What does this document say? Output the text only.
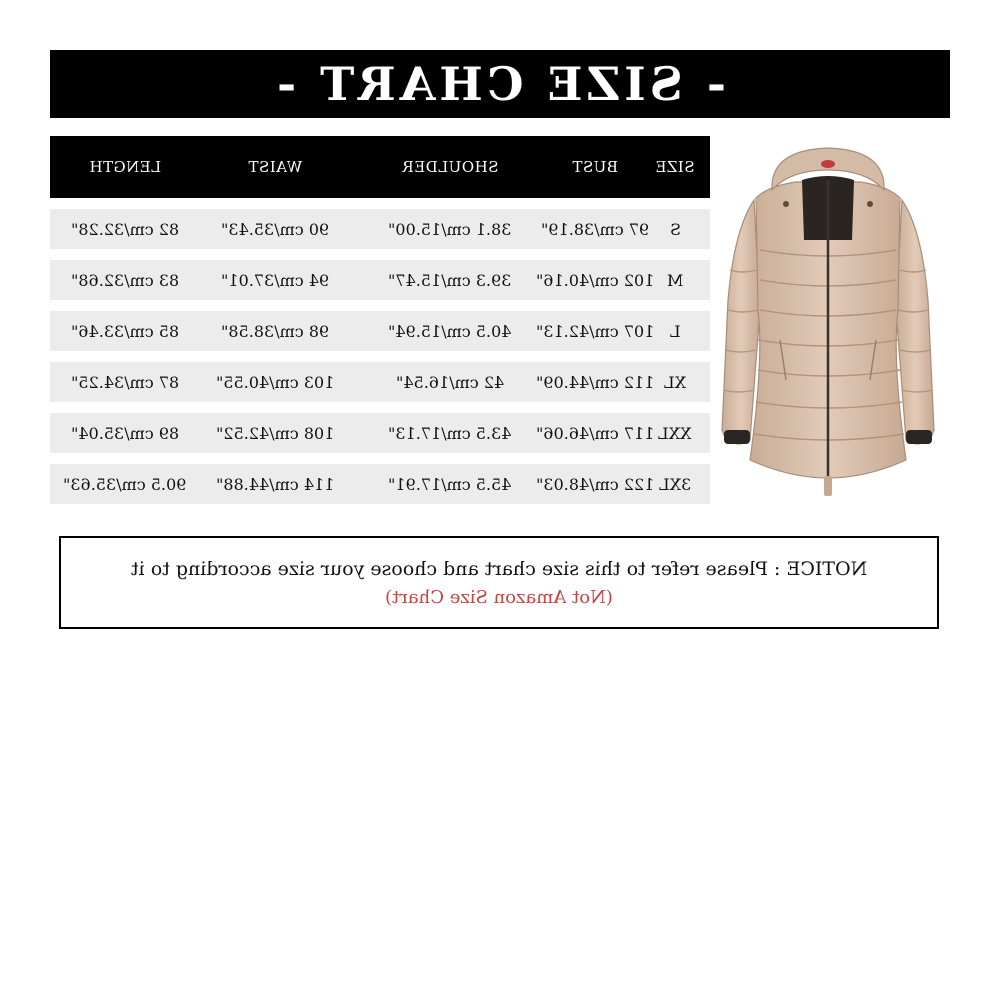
- SIZE CHART -
LENGTH	WAIST	SHOULDER	BUST SIZE
82 cm/32.28"	90 cm/35.43"	38.1 cm/15.00" 97 cm/38.19" S
83 cm/32.68"	94 cm/37.01"	39.3 cm/15.47" 102 cm/40.16" M
85 cm/33.46"	98 cm/38.58"	40.5 cm/15.94" 107 cm/42.13" L
87 cm/34.25" 103 cm/40.55"	42 cm/16.54" 112 cm/44.09" XL
89 cm/35.04" 108 cm/42.52"	43.5 cm/17.13" 117 cm/46.06" XXL
90.5 cm/35.63" 114 cm/44.88"	45.5 cm/17.91" 122 cm/48.03" 3XL
NOTICE : Please refer to this size chart and choose your size according to it
(Not Amazon Size Chart)
